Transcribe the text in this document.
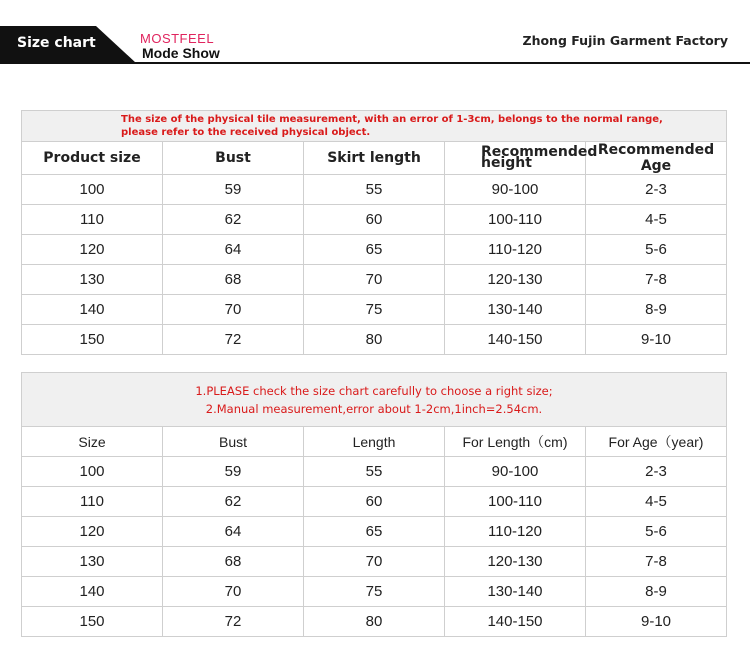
Size chart	MOSTFEEL
Mode Show
Zhong Fujin Garment Factory
The size of the physical tile measurement, with an error of 1-3cm, belongs to the normal range,
please refer to the received physical object.				

Product size	Bust	Skirt length	Recommended height	Recommended Age
100	59	55	90-100	2-3
110	62	60	100-110	4-5
120	64	65	110-120	5-6
130	68	70	120-130	7-8
140	70	75	130-140	8-9
150	72	80	140-150	9-10
1.PLEASE check the size chart carefully to choose a right size;
2.Manual measurement,error about 1-2cm,1inch=2.54cm.				

Size	Bust	Length	For Length（cm)	For Age（year)
100	59	55	90-100	2-3
110	62	60	100-110	4-5
120	64	65	110-120	5-6
130	68	70	120-130	7-8
140	70	75	130-140	8-9
150	72	80	140-150	9-10
